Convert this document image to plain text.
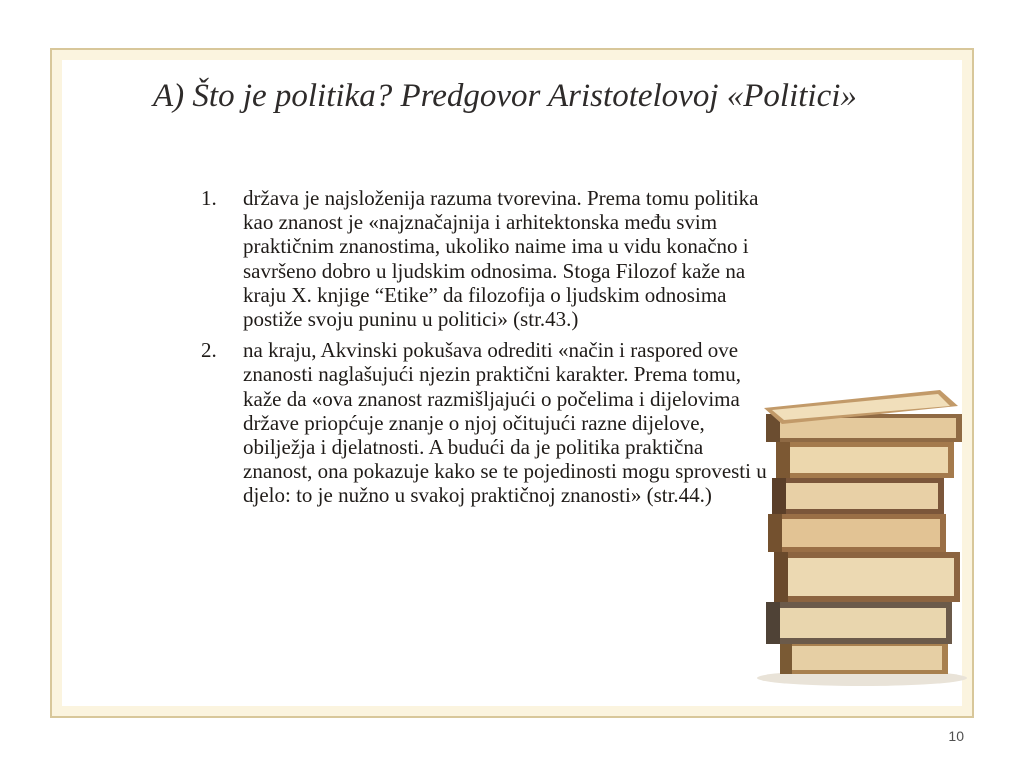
A) Što je politika? Predgovor Aristotelovoj «Politici»
1. država je najsloženija razuma tvorevina. Prema tomu politika kao znanost je «najznačajnija i arhitektonska među svim praktičnim znanostima, ukoliko naime ima u vidu konačno i savršeno dobro u ljudskim odnosima. Stoga Filozof kaže na kraju X. knjige “Etike” da filozofija o ljudskim odnosima postiže svoju puninu u politici» (str.43.)
2. na kraju, Akvinski pokušava odrediti «način i raspored ove znanosti naglašujući njezin praktični karakter. Prema tomu, kaže da «ova znanost razmišljajući o počelima i dijelovima države priopćuje znanje o njoj očitujući razne dijelove, obilježja i djelatnosti. A budući da je politika praktična znanost, ona pokazuje kako se te pojedinosti mogu sprovesti u djelo: to je nužno u svakoj praktičnoj znanosti» (str.44.)
10
